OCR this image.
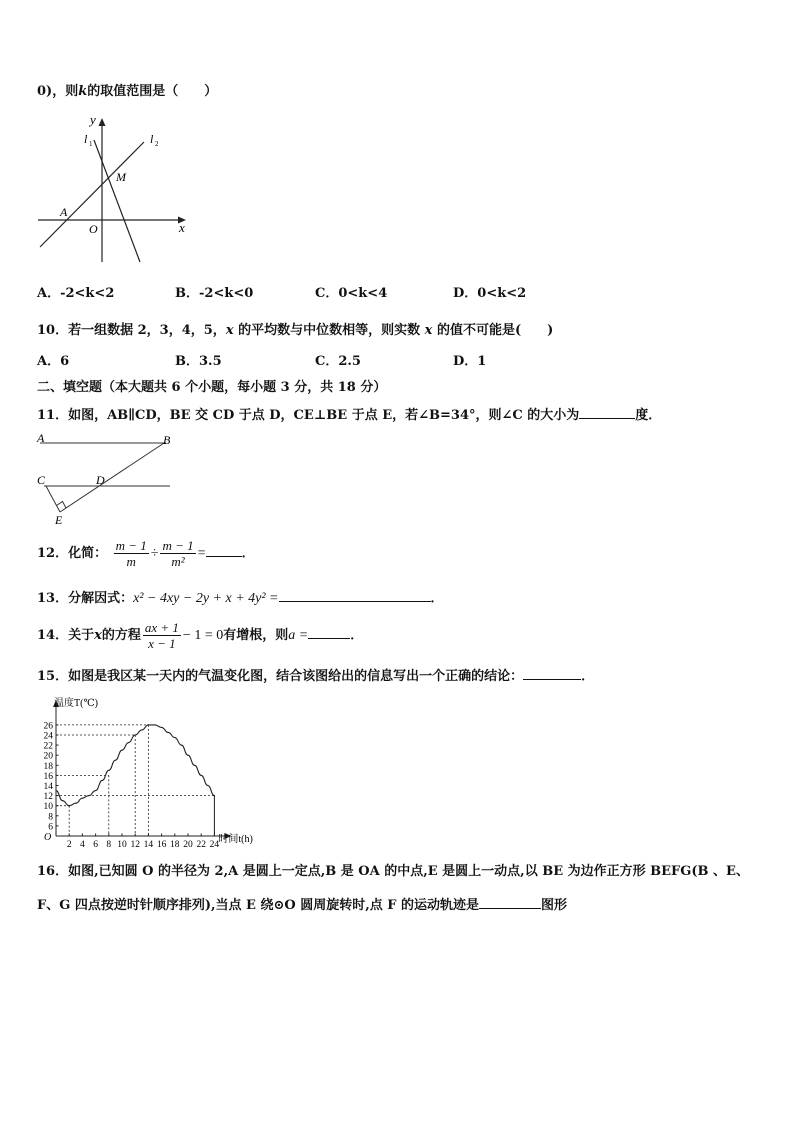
0)，则k的取值范围是（　　）
y
x
O
A
M
l 1	l 2
A．-2<k<2	B．-2<k<0	C．0<k<4	D．0<k<2
10．若一组数据 2，3，4，5，x 的平均数与中位数相等，则实数 x 的值不可能是(　　)
A．6	B．3.5	C．2.5	D．1
二、填空题（本大题共 6 个小题，每小题 3 分，共 18 分）
11．如图，AB∥CD，BE 交 CD 于点 D，CE⊥BE 于点 E，若∠B=34°，则∠C 的大小为	度．
A	B
C	D
E
12．化简： $\frac{m - 1}{m} \div \frac{m - 1}{\text{m²}}$ =	．
13．分解因式：x² − 4xy − 2y + x + 4y² =	．
14．关于x的方程 $\frac{ax + 1}{x - 1} - 1 = 0$有增根，则a =	．
15．如图是我区某一天内的气温变化图，结合该图给出的信息写出一个正确的结论：	．
温度T(℃)
时间t(h)
O
2 4 6 8 10 12 14 16 18 20 22 24
6
8
10
12
14
16
18
20
22
24
26
16．如图,已知圆 O 的半径为 2,A 是圆上一定点,B 是 OA 的中点,E 是圆上一动点,以 BE 为边作正方形 BEFG(B 、E、
F、G 四点按逆时针顺序排列),当点 E 绕⊙O 圆周旋转时,点 F 的运动轨迹是	图形
